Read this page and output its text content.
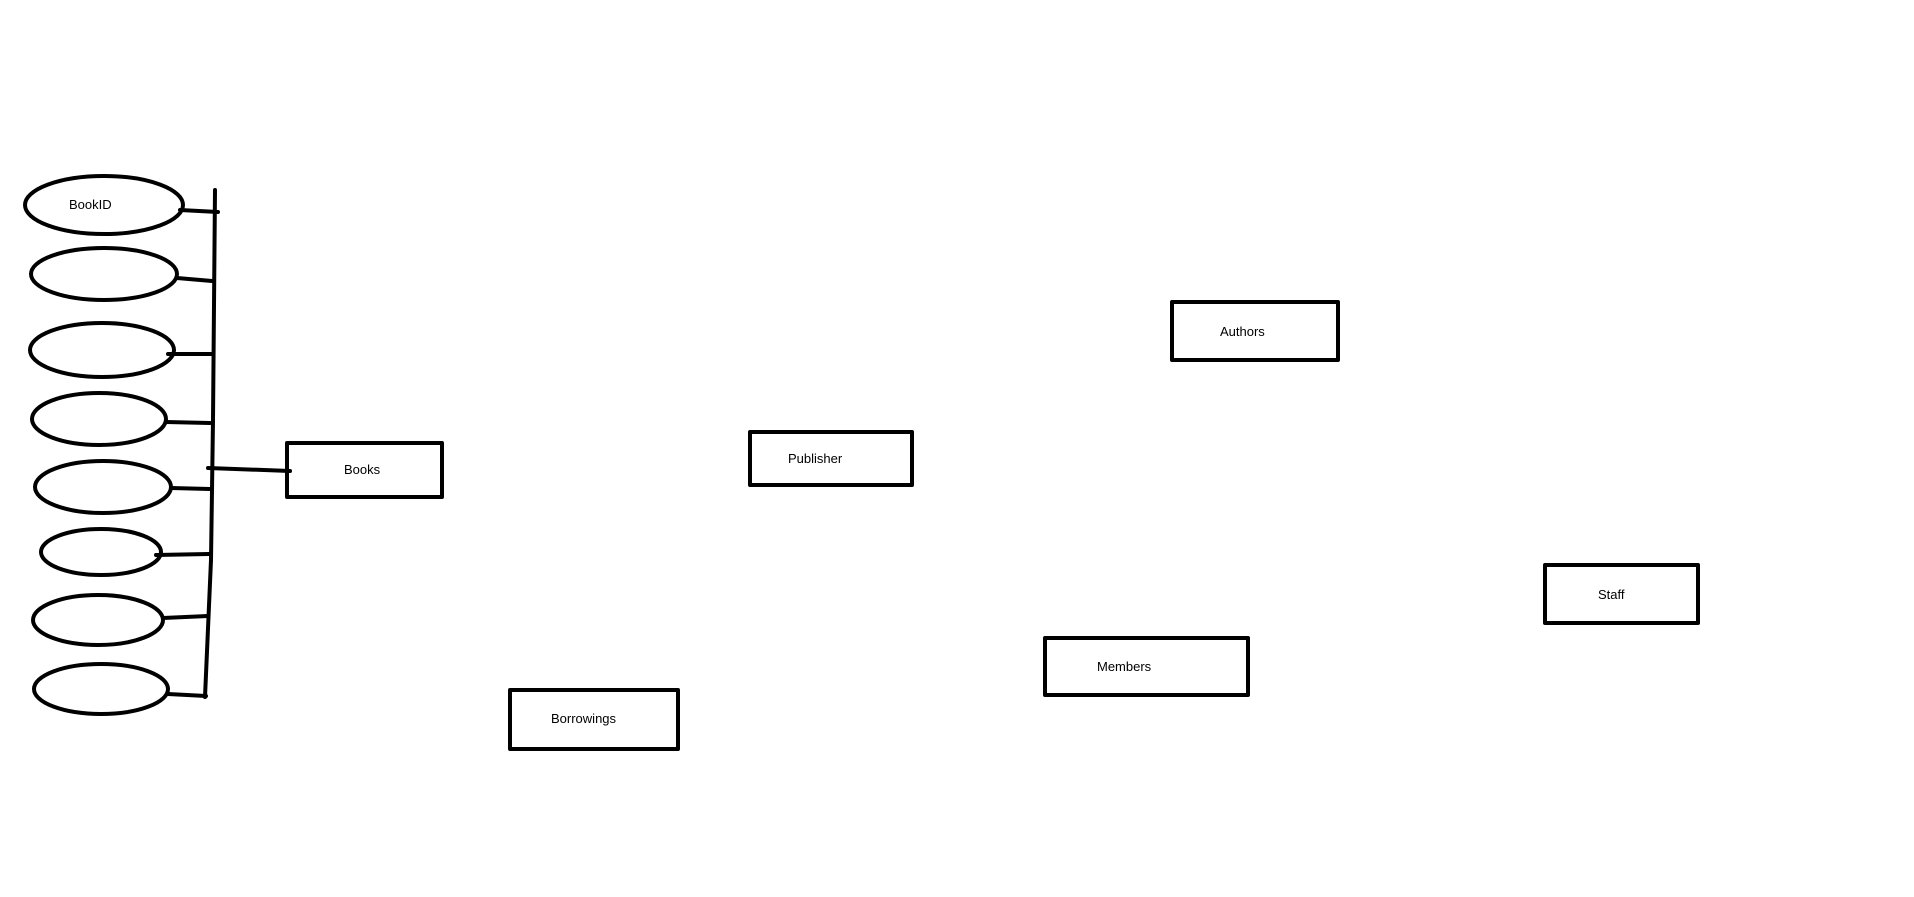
BookID
Books
Publisher
Authors
Members
Staff
Borrowings
